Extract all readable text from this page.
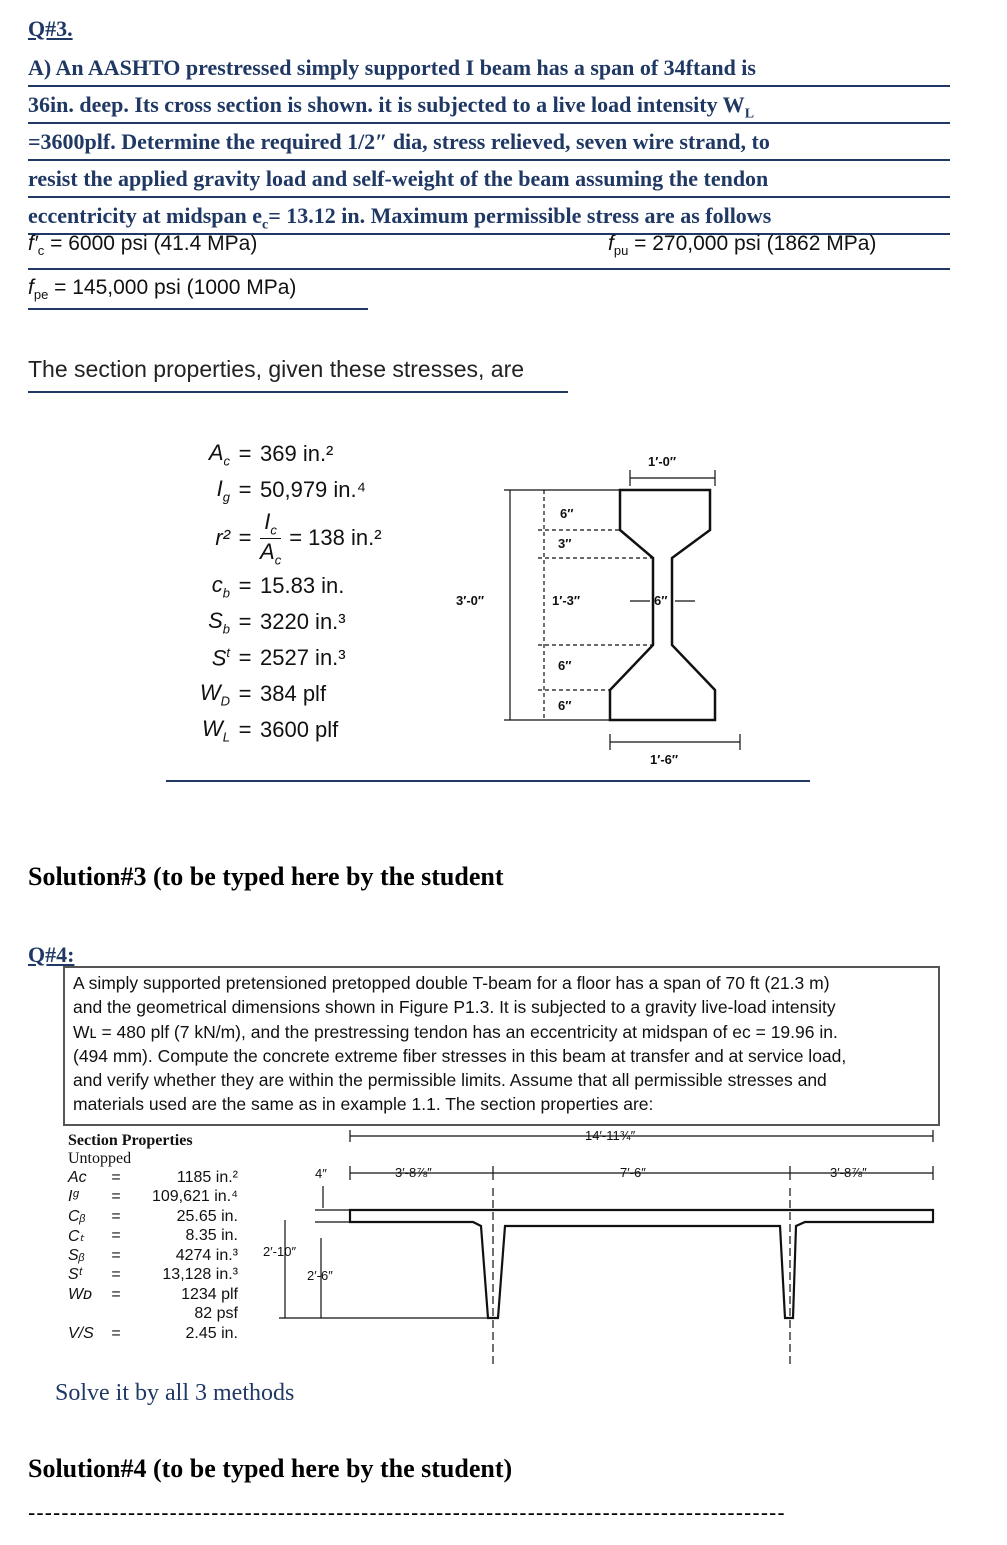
Q#3.
A) An AASHTO prestressed simply supported I beam has a span of 34ftand is
36in. deep. Its cross section is shown. it is subjected to a live load intensity $W_L$
=3600plf. Determine the required 1/2″ dia, stress relieved, seven wire strand, to
resist the applied gravity load and self-weight of the beam assuming the tendon
eccentricity at midspan $e_c= 13.12$ in. Maximum permissible stress are as follows
$f'_c = 6000$ psi (41.4 MPa)	$f_{pu} = 270,000$ psi (1862 MPa)
$f_{pe} = 145,000$ psi (1000 MPa)
The section properties, given these stresses, are
$A_c = 369$ in.²
$I_g = 50,979$ in.⁴
$r^2 = \frac{I_c}{A_c} = 138$ in.²
$c_b = 15.83$ in.
$S_b = 3220$ in.³
$S^t = 2527$ in.³
$W_D = 384$ plf
$W_L = 3600$ plf
3′-0″
6″
3″
1′-3″
6″
6″
1′-0″
6″
1′-6″
Solution#3 (to be typed here by the student
Q#4:
A simply supported pretensioned pretopped double T-beam for a floor has a span of 70 ft (21.3 m)
and the geometrical dimensions shown in Figure P1.3. It is subjected to a gravity live-load intensity
Wʟ = 480 plf (7 kN/m), and the prestressing tendon has an eccentricity at midspan of eᴄ = 19.96 in.
(494 mm). Compute the concrete extreme fiber stresses in this beam at transfer and at service load,
and verify whether they are within the permissible limits. Assume that all permissible stresses and
materials used are the same as in example 1.1. The section properties are:
Section Properties
Untopped
Aᴄ	=	1185 in.²
Iᵍ	=	109,621 in.⁴
Cᵦ	=	25.65 in.
Cₜ	=	8.35 in.
Sᵦ	=	4274 in.³
Sᵗ	=	13,128 in.³
Wᴅ	=	1234 plf
82 psf
V/S	=	2.45 in.
14′-11¾″
3′-8⅞″	7′-6″	3′-8⅞″
4″
2′-10″
2′-6″
Solve it by all 3 methods
Solution#4 (to be typed here by the student)
-------------------------------------------------------------------------------------------
